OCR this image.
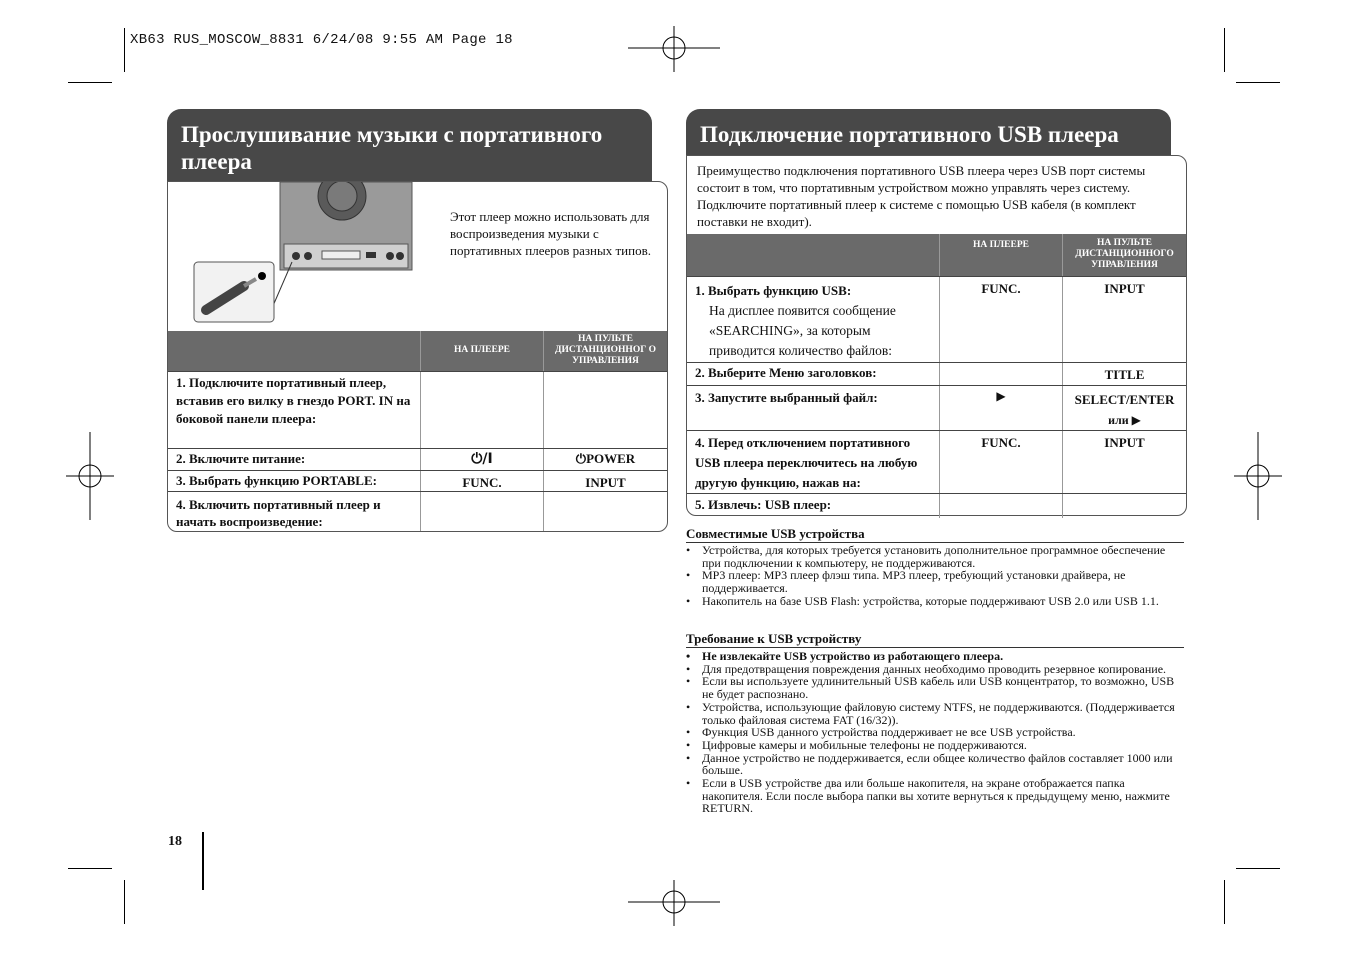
XB63 RUS_MOSCOW_8831 6/24/08 9:55 AM Page 18
Прослушивание музыки с портативного плеера
Этот плеер можно использовать для воспроизведения музыки с портативных плееров разных типов.
	НА ПЛЕЕРЕ	НА ПУЛЬТЕ ДИСТАНЦИОННОГ О УПРАВЛЕНИЯ
1. Подключите портативный плеер, вставив его вилку в гнездо PORT. IN на боковой панели плеера:		
2. Включите питание:	⏻/I	⏻POWER
3. Выбрать функцию PORTABLE:	FUNC.	INPUT
4. Включить портативный плеер и начать воспроизведение:		
Подключение портативного USB плеера
Преимущество подключения портативного USB плеера через USB порт системы состоит в том, что портативным устройством можно управлять через систему. Подключите портативный плеер к системе с помощью USB кабеля (в комплект поставки не входит).
	НА ПЛЕЕРЕ	НА ПУЛЬТЕ ДИСТАНЦИОННОГО УПРАВЛЕНИЯ

1. Выбрать функцию USB:
На дисплее появится сообщение «SEARCHING», за которым приводится количество файлов:	FUNC.	INPUT
2. Выберите Меню заголовков:		TITLE
3. Запустите выбранный файл:	▶	SELECT/ENTER
или ▶

4. Перед отключением портативного USB плеера переключитесь на любую другую функцию, нажав на:	FUNC.	INPUT
5. Извлечь: USB плеер:		
Совместимые USB устройства
• Устройства, для которых требуется установить дополнительное программное обеспечение при подключении к компьютеру, не поддерживаются.
• MP3 плеер: MP3 плеер флэш типа. MP3 плеер, требующий установки драйвера, не поддерживается.
• Накопитель на базе USB Flash: устройства, которые поддерживают USB 2.0 или USB 1.1.
Требование к USB устройству
• Не извлекайте USB устройство из работающего плеера.
• Для предотвращения повреждения данных необходимо проводить резервное копирование.
• Если вы используете удлинительный USB кабель или USB концентратор, то возможно, USB не будет распознано.
• Устройства, использующие файловую систему NTFS, не поддерживаются. (Поддерживается только файловая система FAT (16/32)).
• Функция USB данного устройства поддерживает не все USB устройства.
• Цифровые камеры и мобильные телефоны не поддерживаются.
• Данное устройство не поддерживается, если общее количество файлов составляет 1000 или больше.
• Если в USB устройстве два или больше накопителя, на экране отображается папка накопителя. Если после выбора папки вы хотите вернуться к предыдущему меню, нажмите RETURN.
18
